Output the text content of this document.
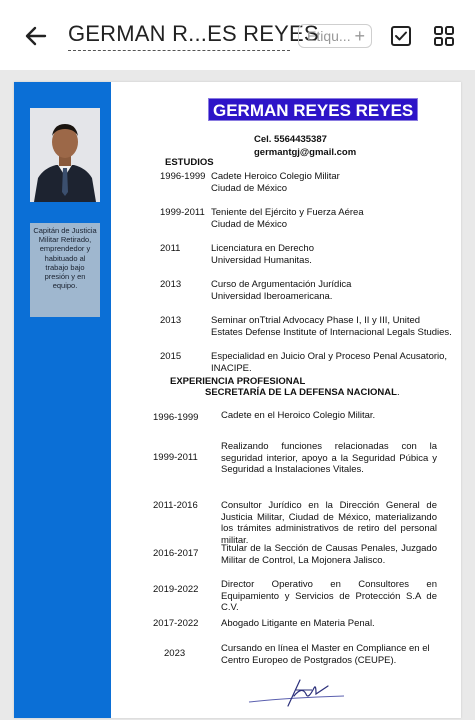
GERMAN R...ES REYES
Etiqu... +
Capitán de Justicia Militar Retirado, emprendedor y habituado al trabajo bajo presión y en equipo.
GERMAN REYES REYES
Cel. 5564435387
germantgj@gmail.com
ESTUDIOS
1996-1999 Cadete Heroico Colegio Militar
Ciudad de México
1999-2011 Teniente del Ejército y Fuerza Aérea
Ciudad de México
2011	Licenciatura en Derecho
Universidad Humanitas.
2013	Curso de Argumentación Jurídica
Universidad Iberoamericana.
2013	Seminar onTtrial Advocacy Phase I, II y III, United
Estates Defense Institute of Internacional Legals Studies.
2015	Especialidad en Juicio Oral y Proceso Penal Acusatorio,
INACIPE.
EXPERIENCIA PROFESIONAL
SECRETARÍA DE LA DEFENSA NACIONAL.
1996-1999 Cadete en el Heroico Colegio Militar.
1999-2011
Realizando funciones relacionadas con la seguridad interior, apoyo a la Seguridad Púbica y Seguridad a Instalaciones Vitales.
2011-2016 Consultor Jurídico en la Dirección General de Justicia Militar, Ciudad de México, materializando los trámites administrativos de retiro del personal militar.
2016-2017 Titular de la Sección de Causas Penales, Juzgado Militar de Control, La Mojonera Jalisco.
2019-2022 Director Operativo en Consultores en Equipamiento y Servicios de Protección S.A de C.V.
2017-2022 Abogado Litigante en Materia Penal.
2023	Cursando en línea el Master en Compliance en el Centro Europeo de Postgrados (CEUPE).
